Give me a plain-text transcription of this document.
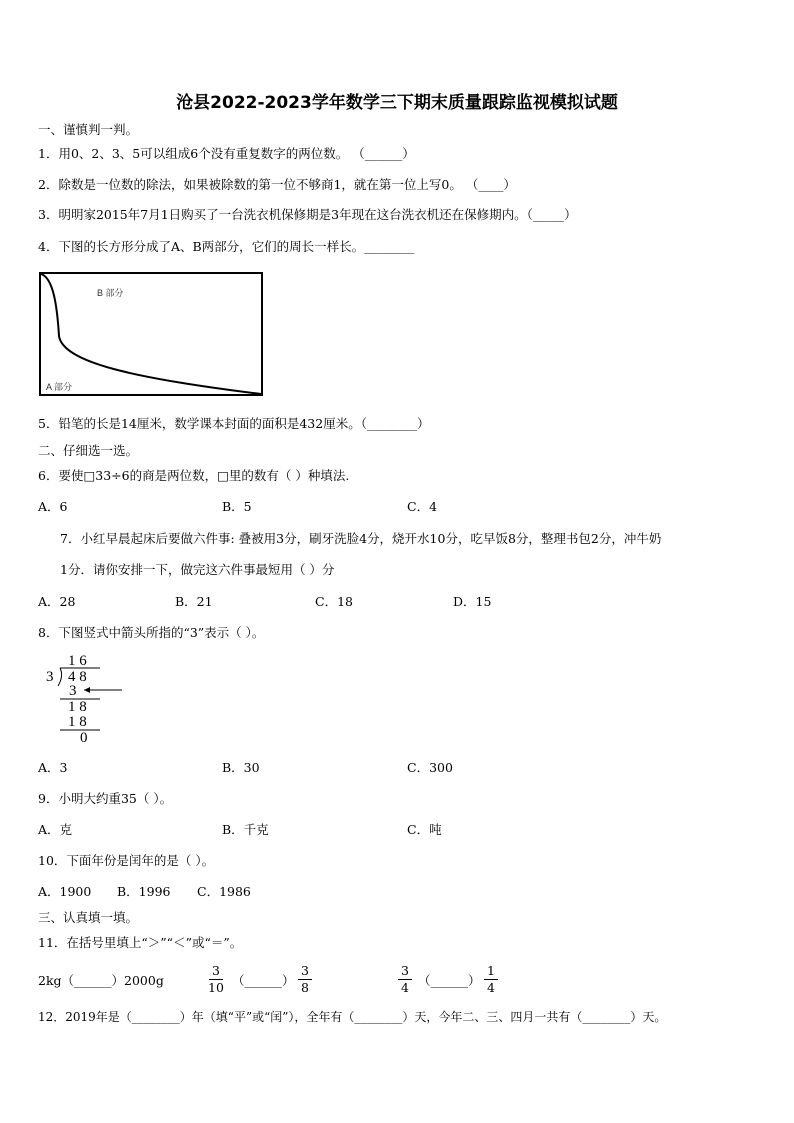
沧县2022-2023学年数学三下期末质量跟踪监视模拟试题
一、谨慎判一判。
1．用0、2、3、5可以组成6个没有重复数字的两位数。 （______）
2．除数是一位数的除法，如果被除数的第一位不够商1，就在第一位上写0。 （____）
3．明明家2015年7月1日购买了一台洗衣机保修期是3年现在这台洗衣机还在保修期内。（_____）
4．下图的长方形分成了A、B两部分，它们的周长一样长。________
B 部分
A 部分
5．铅笔的长是14厘米，数学课本封面的面积是432厘米。（________）
二、仔细选一选。
6．要使□33÷6的商是两位数，□里的数有（ ）种填法.
A．6	B．5	C．4
7．小红早晨起床后要做六件事: 叠被用3分，刷牙洗脸4分，烧开水10分，吃早饭8分，整理书包2分，冲牛奶
1分．请你安排一下，做完这六件事最短用（ ）分
A．28	B．21	C．18	D．15
8．下图竖式中箭头所指的“3”表示（ ）。
1 6
3 4 8
3
1 8
1 8
0
A．3	B．30	C．300
9．小明大约重35（ ）。
A．克	B．千克	C．吨
10．下面年份是闰年的是（ ）。
A．1900 B．1996 C．1986
三、认真填一填。
11．在括号里填上“＞”“＜”或“＝”。
2kg（______）2000g
3
10 （______）
3
8
3
4 （______）
1
4
12．2019年是（________）年（填“平”或“闰”），全年有（________）天，今年二、三、四月一共有（________）天。
